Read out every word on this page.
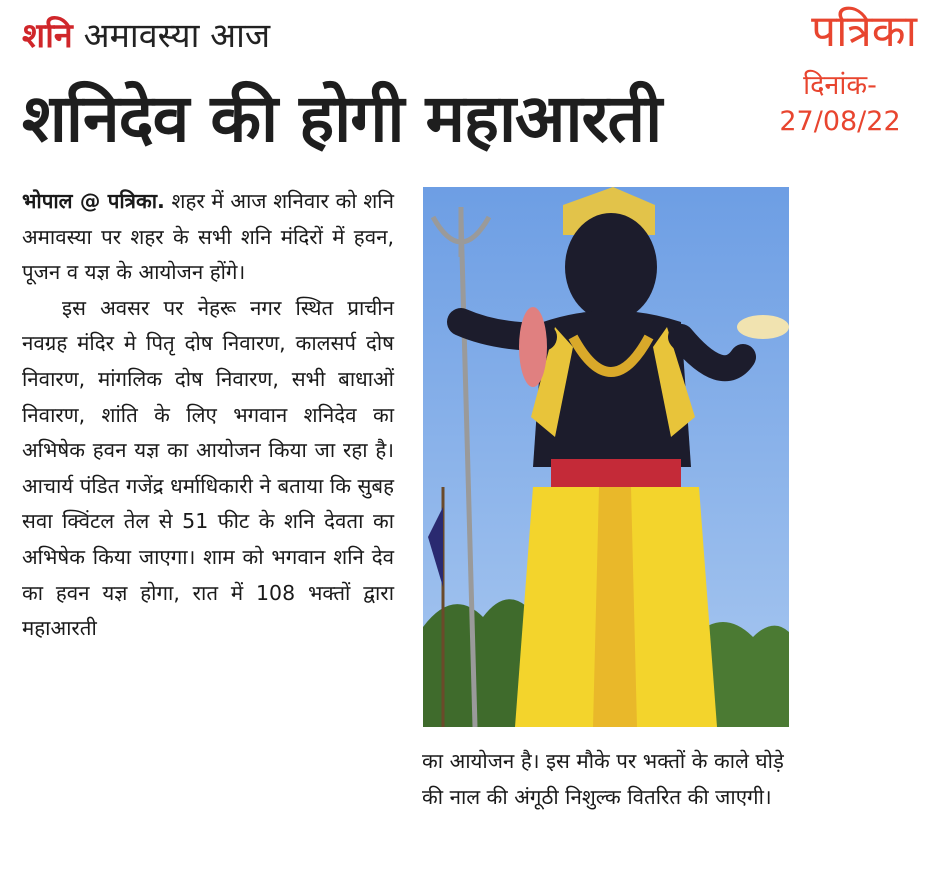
शनि अमावस्या आज
शनिदेव की होगी महाआरती
पत्रिका
दिनांक-
27/08/22

भोपाल @ पत्रिका. शहर में आज शनिवार को शनि अमावस्या पर शहर के सभी शनि मंदिरों में हवन, पूजन व यज्ञ के आयोजन होंगे।

इस अवसर पर नेहरू नगर स्थित प्राचीन नवग्रह मंदिर मे पितृ दोष निवारण, कालसर्प दोष निवारण, मांगलिक दोष निवारण, सभी बाधाओं निवारण, शांति के लिए भगवान शनिदेव का अभिषेक हवन यज्ञ का आयोजन किया जा रहा है। आचार्य पंडित गजेंद्र धर्माधिकारी ने बताया कि सुबह सवा क्विंटल तेल से 51 फीट के शनि देवता का अभिषेक किया जाएगा। शाम को भगवान शनि देव का हवन यज्ञ होगा, रात में 108 भक्तों द्वारा महाआरती

का आयोजन है। इस मौके पर भक्तों के काले घोड़े की नाल की अंगूठी निशुल्क वितरित की जाएगी।
